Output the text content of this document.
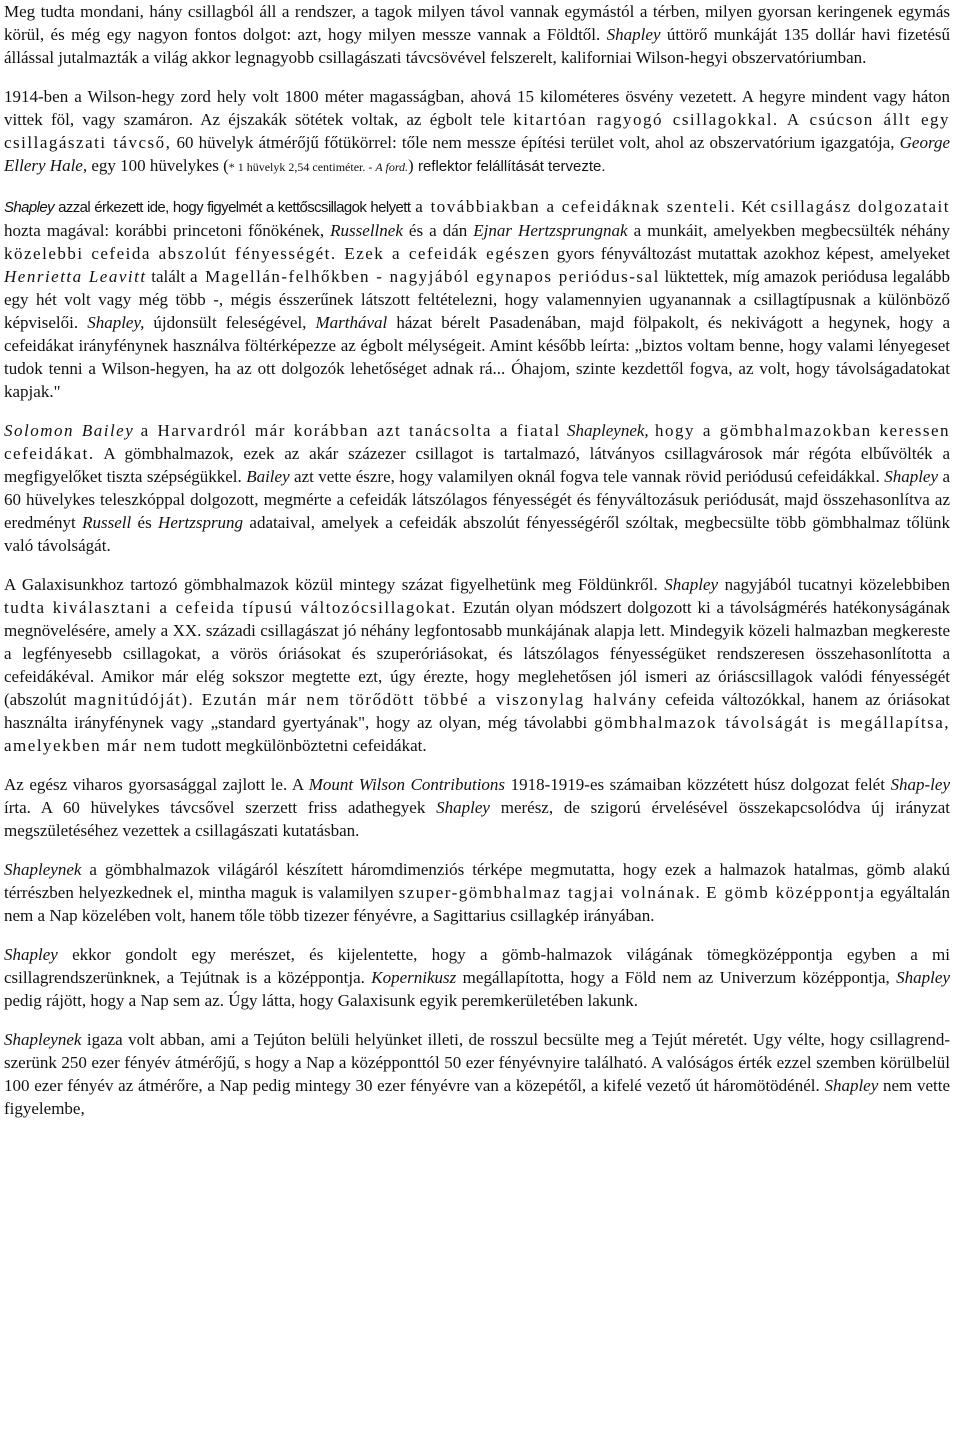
Meg tudta mondani, hány csillagból áll a rendszer, a tagok milyen távol vannak egymástól a térben, milyen gyorsan keringenek egymás körül, és még egy nagyon fontos dolgot: azt, hogy milyen messze vannak a Földtől. Shapley úttörő munkáját 135 dollár havi fizetésű állással jutalmazták a világ akkor legnagyobb csillagászati távcsövével felszerelt, kaliforniai Wilson-hegyi obszervatóriumban.

1914-ben a Wilson-hegy zord hely volt 1800 méter magasságban, ahová 15 kilométeres ösvény vezetett. A hegyre mindent vagy háton vittek föl, vagy szamáron. Az éjszakák sötétek voltak, az égbolt tele kitartóan ragyogó csillagokkal. A csúcson állt egy csillagászati távcső, 60 hüvelyk átmérőjű főtükörrel: tőle nem messze építési terület volt, ahol az obszervatórium igazgatója, George Ellery Hale, egy 100 hüvelykes (* 1 hüvelyk 2,54 centiméter. - A ford.) reflektor felállítását tervezte.

Shapley azzal érkezett ide, hogy figyelmét a kettőscsillagok helyett a továbbiakban a cefeidáknak szenteli. Két csillagász dolgozatait hozta magával: korábbi princetoni főnökének, Russellnek és a dán Ejnar Hertzsprungnak a munkáit, amelyekben megbecsülték néhány közelebbi cefeida abszolút fényességét. Ezek a cefeidák egészen gyors fényváltozást mutattak azokhoz képest, amelyeket Henrietta Leavitt talált a Magellán-felhőkben - nagyjából egynapos periódus-sal lüktettek, míg amazok periódusa legalább egy hét volt vagy még több -, mégis ésszerűnek látszott feltételezni, hogy valamennyien ugyanannak a csillagtípusnak a különböző képviselői. Shapley, újdonsült feleségével, Marthával házat bérelt Pasadenában, majd fölpakolt, és nekivágott a hegynek, hogy a cefeidákat irányfénynek használva föltérképezze az égbolt mélységeit. Amint később leírta: „biztos voltam benne, hogy valami lényegeset tudok tenni a Wilson-hegyen, ha az ott dolgozók lehetőséget adnak rá... Óhajom, szinte kezdettől fogva, az volt, hogy távolságadatokat kapjak."

Solomon Bailey a Harvardról már korábban azt tanácsolta a fiatal Shapleynek, hogy a gömbhalmazokban keressen cefeidákat. A gömbhalmazok, ezek az akár százezer csillagot is tartalmazó, látványos csillagvárosok már régóta elbűvölték a megfigyelőket tiszta szépségükkel. Bailey azt vette észre, hogy valamilyen oknál fogva tele vannak rövid periódusú cefeidákkal. Shapley a 60 hüvelykes teleszkóppal dolgozott, megmérte a cefeidák látszólagos fényességét és fényváltozásuk periódusát, majd összehasonlítva az eredményt Russell és Hertzsprung adataival, amelyek a cefeidák abszolút fényességéről szóltak, megbecsülte több gömbhalmaz tőlünk való távolságát.

A Galaxisunkhoz tartozó gömbhalmazok közül mintegy százat figyelhetünk meg Földünkről. Shapley nagyjából tucatnyi közelebbiben tudta kiválasztani a cefeida típusú változócsillagokat. Ezután olyan módszert dolgozott ki a távolságmérés hatékonyságának megnövelésére, amely a XX. századi csillagászat jó néhány legfontosabb munkájának alapja lett. Mindegyik közeli halmazban megkereste a legfényesebb csillagokat, a vörös óriásokat és szuperóriásokat, és látszólagos fényességüket rendszeresen összehasonlította a cefeidákéval. Amikor már elég sokszor megtette ezt, úgy érezte, hogy meglehetősen jól ismeri az óriáscsillagok valódi fényességét (abszolút magnitúdóját). Ezután már nem törődött többé a viszonylag halvány cefeida változókkal, hanem az óriásokat használta irányfénynek vagy „standard gyertyának", hogy az olyan, még távolabbi gömbhalmazok távolságát is megállapítsa, amelyekben már nem tudott megkülönböztetni cefeidákat.

Az egész viharos gyorsasággal zajlott le. A Mount Wilson Contributions 1918-1919-es számaiban közzétett húsz dolgozat felét Shap-ley írta. A 60 hüvelykes távcsővel szerzett friss adathegyek Shapley merész, de szigorú érvelésével összekapcsolódva új irányzat megszületéséhez vezettek a csillagászati kutatásban.

Shapleynek a gömbhalmazok világáról készített háromdimenziós térképe megmutatta, hogy ezek a halmazok hatalmas, gömb alakú térrészben helyezkednek el, mintha maguk is valamilyen szuper-gömbhalmaz tagjai volnának. E gömb középpontja egyáltalán nem a Nap közelében volt, hanem tőle több tizezer fényévre, a Sagittarius csillagkép irányában.

Shapley ekkor gondolt egy merészet, és kijelentette, hogy a gömb-halmazok világának tömegközéppontja egyben a mi csillagrendszerünknek, a Tejútnak is a középpontja. Kopernikusz megállapította, hogy a Föld nem az Univerzum középpontja, Shapley pedig rájött, hogy a Nap sem az. Úgy látta, hogy Galaxisunk egyik peremkerületében lakunk.

Shapleynek igaza volt abban, ami a Tejúton belüli helyünket illeti, de rosszul becsülte meg a Tejút méretét. Ugy vélte, hogy csillagrend-szerünk 250 ezer fényév átmérőjű, s hogy a Nap a középponttól 50 ezer fényévnyire található. A valóságos érték ezzel szemben körülbelül 100 ezer fényév az átmérőre, a Nap pedig mintegy 30 ezer fényévre van a közepétől, a kifelé vezető út háromötödénél. Shapley nem vette figyelembe,
